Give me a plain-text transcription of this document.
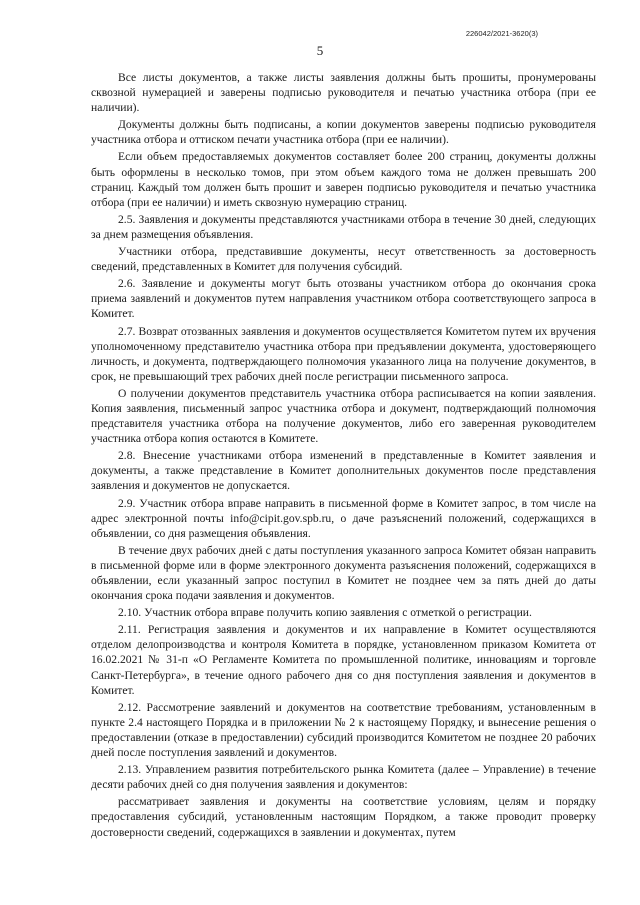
226042/2021-3620(3)
5

Все листы документов, а также листы заявления должны быть прошиты, пронумерованы сквозной нумерацией и заверены подписью руководителя и печатью участника отбора (при ее наличии).

Документы должны быть подписаны, а копии документов заверены подписью руководителя участника отбора и оттиском печати участника отбора (при ее наличии).

Если объем предоставляемых документов составляет более 200 страниц, документы должны быть оформлены в несколько томов, при этом объем каждого тома не должен превышать 200 страниц. Каждый том должен быть прошит и заверен подписью руководителя и печатью участника отбора (при ее наличии) и иметь сквозную нумерацию страниц.

2.5. Заявления и документы представляются участниками отбора в течение 30 дней, следующих за днем размещения объявления.

Участники отбора, представившие документы, несут ответственность за достоверность сведений, представленных в Комитет для получения субсидий.

2.6. Заявление и документы могут быть отозваны участником отбора до окончания срока приема заявлений и документов путем направления участником отбора соответствующего запроса в Комитет.

2.7. Возврат отозванных заявления и документов осуществляется Комитетом путем их вручения уполномоченному представителю участника отбора при предъявлении документа, удостоверяющего личность, и документа, подтверждающего полномочия указанного лица на получение документов, в срок, не превышающий трех рабочих дней после регистрации письменного запроса.

О получении документов представитель участника отбора расписывается на копии заявления. Копия заявления, письменный запрос участника отбора и документ, подтверждающий полномочия представителя участника отбора на получение документов, либо его заверенная руководителем участника отбора копия остаются в Комитете.

2.8. Внесение участниками отбора изменений в представленные в Комитет заявления и документы, а также представление в Комитет дополнительных документов после представления заявления и документов не допускается.

2.9. Участник отбора вправе направить в письменной форме в Комитет запрос, в том числе на адрес электронной почты info@cipit.gov.spb.ru, о даче разъяснений положений, содержащихся в объявлении, со дня размещения объявления.

В течение двух рабочих дней с даты поступления указанного запроса Комитет обязан направить в письменной форме или в форме электронного документа разъяснения положений, содержащихся в объявлении, если указанный запрос поступил в Комитет не позднее чем за пять дней до даты окончания срока подачи заявления и документов.

2.10. Участник отбора вправе получить копию заявления с отметкой о регистрации.

2.11. Регистрация заявления и документов и их направление в Комитет осуществляются отделом делопроизводства и контроля Комитета в порядке, установленном приказом Комитета от 16.02.2021 № 31-п «О Регламенте Комитета по промышленной политике, инновациям и торговле Санкт-Петербурга», в течение одного рабочего дня со дня поступления заявления и документов в Комитет.

2.12. Рассмотрение заявлений и документов на соответствие требованиям, установленным в пункте 2.4 настоящего Порядка и в приложении № 2 к настоящему Порядку, и вынесение решения о предоставлении (отказе в предоставлении) субсидий производится Комитетом не позднее 20 рабочих дней после поступления заявлений и документов.

2.13. Управлением развития потребительского рынка Комитета (далее – Управление) в течение десяти рабочих дней со дня получения заявления и документов:

рассматривает заявления и документы на соответствие условиям, целям и порядку предоставления субсидий, установленным настоящим Порядком, а также проводит проверку достоверности сведений, содержащихся в заявлении и документах, путем
